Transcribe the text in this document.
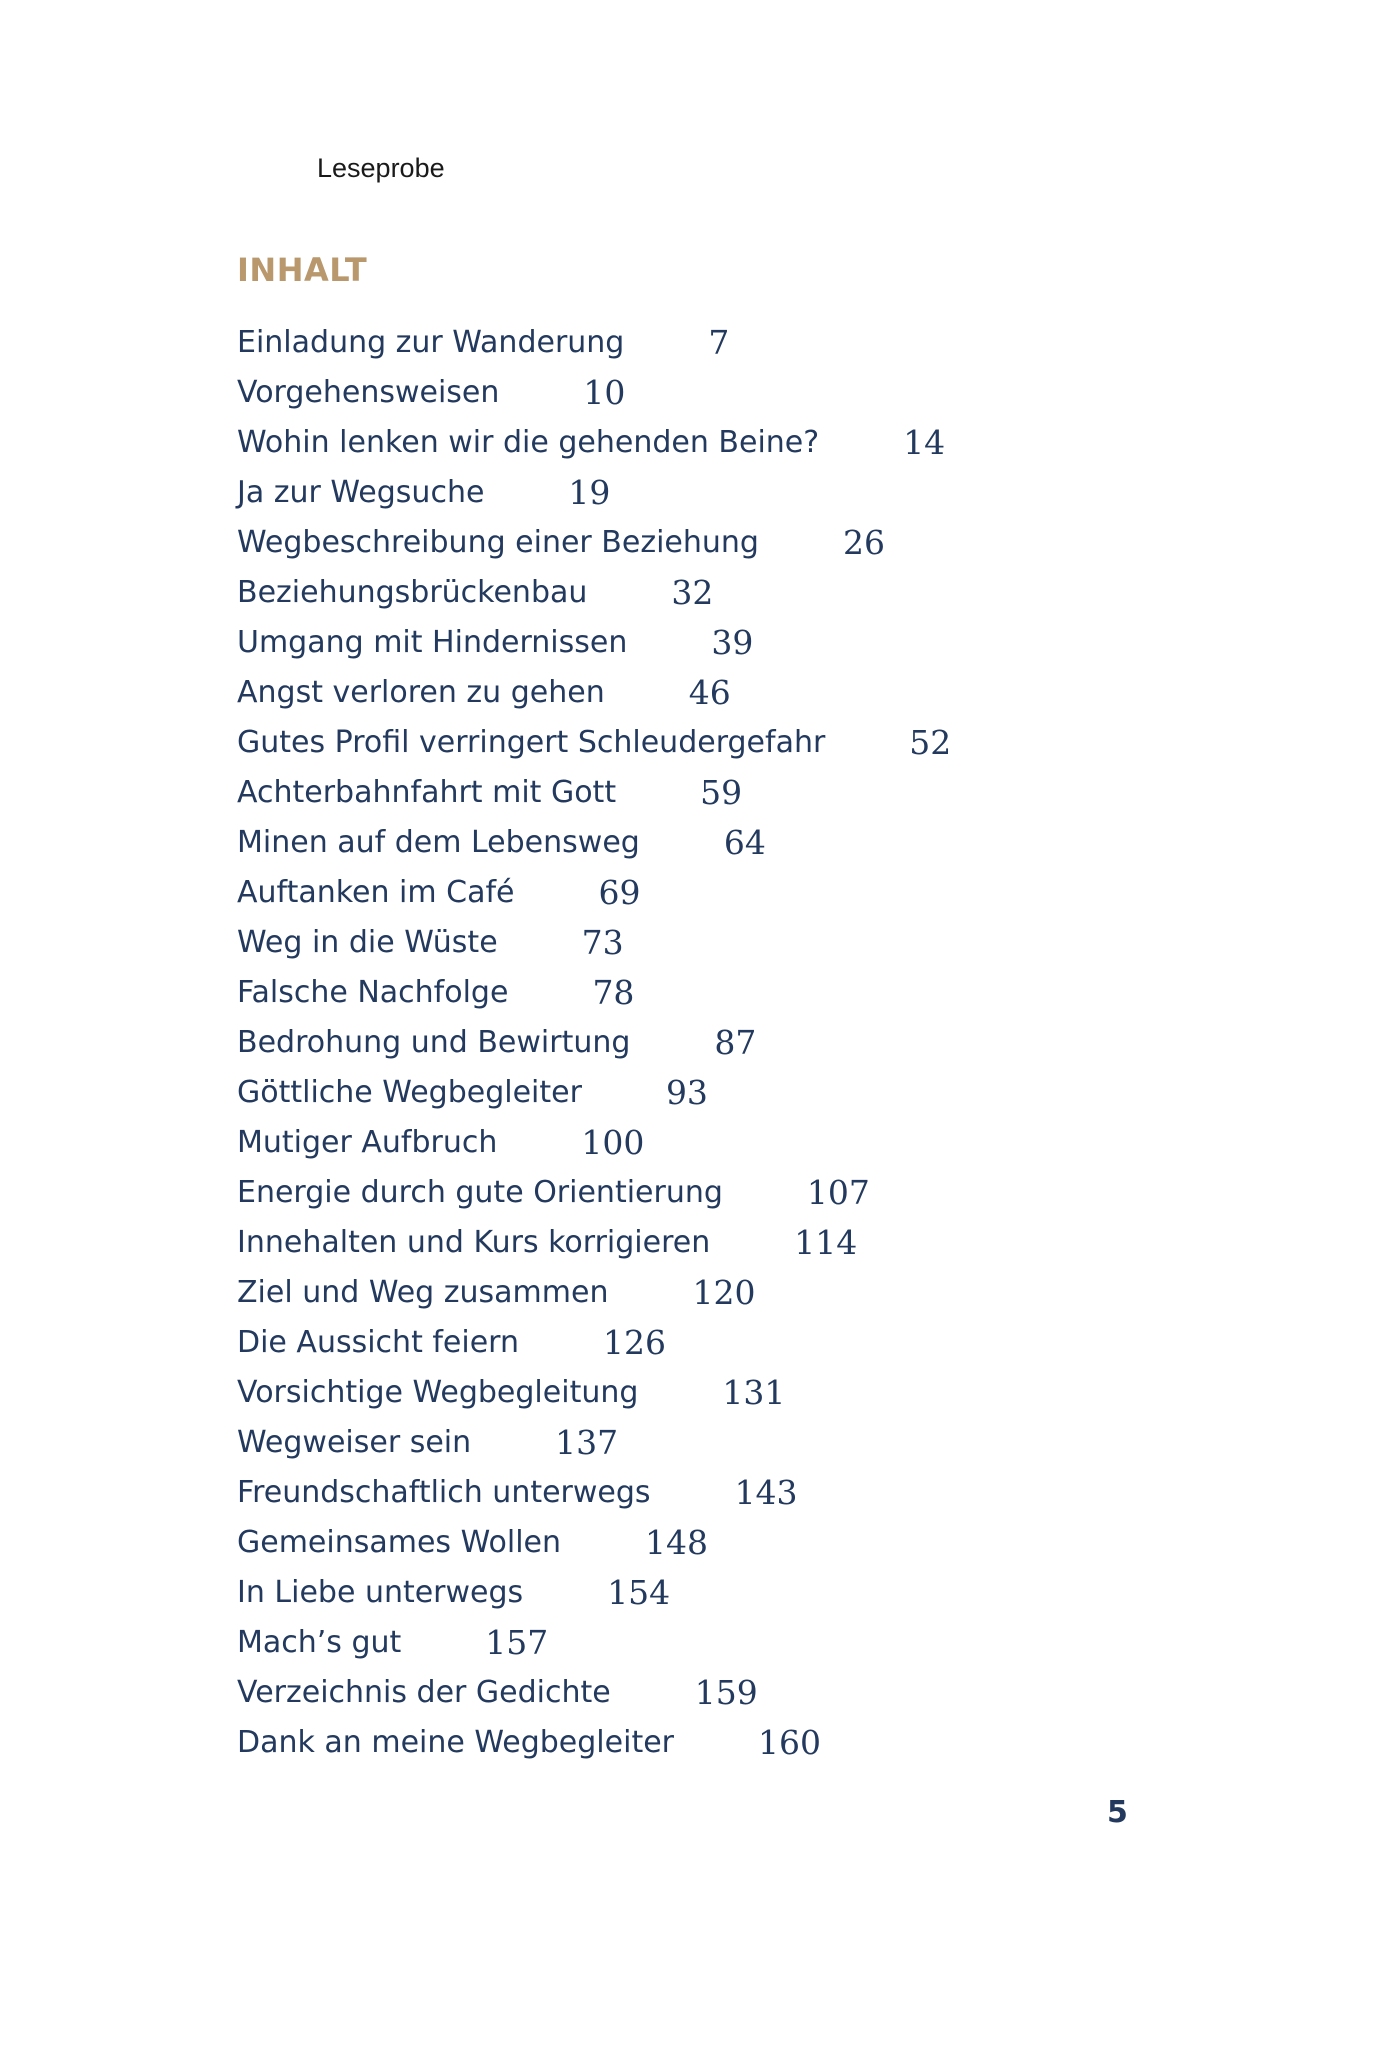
Leseprobe
INHALT
Einladung zur Wanderung	7
Vorgehensweisen	10
Wohin lenken wir die gehenden Beine?	14
Ja zur Wegsuche	19
Wegbeschreibung einer Beziehung	26
Beziehungsbrückenbau	32
Umgang mit Hindernissen	39
Angst verloren zu gehen	46
Gutes Profil verringert Schleudergefahr	52
Achterbahnfahrt mit Gott	59
Minen auf dem Lebensweg	64
Auftanken im Café	69
Weg in die Wüste	73
Falsche Nachfolge	78
Bedrohung und Bewirtung	87
Göttliche Wegbegleiter	93
Mutiger Aufbruch	100
Energie durch gute Orientierung	107
Innehalten und Kurs korrigieren	114
Ziel und Weg zusammen	120
Die Aussicht feiern	126
Vorsichtige Wegbegleitung	131
Wegweiser sein	137
Freundschaftlich unterwegs	143
Gemeinsames Wollen	148
In Liebe unterwegs	154
Mach’s gut	157
Verzeichnis der Gedichte	159
Dank an meine Wegbegleiter	160
5
